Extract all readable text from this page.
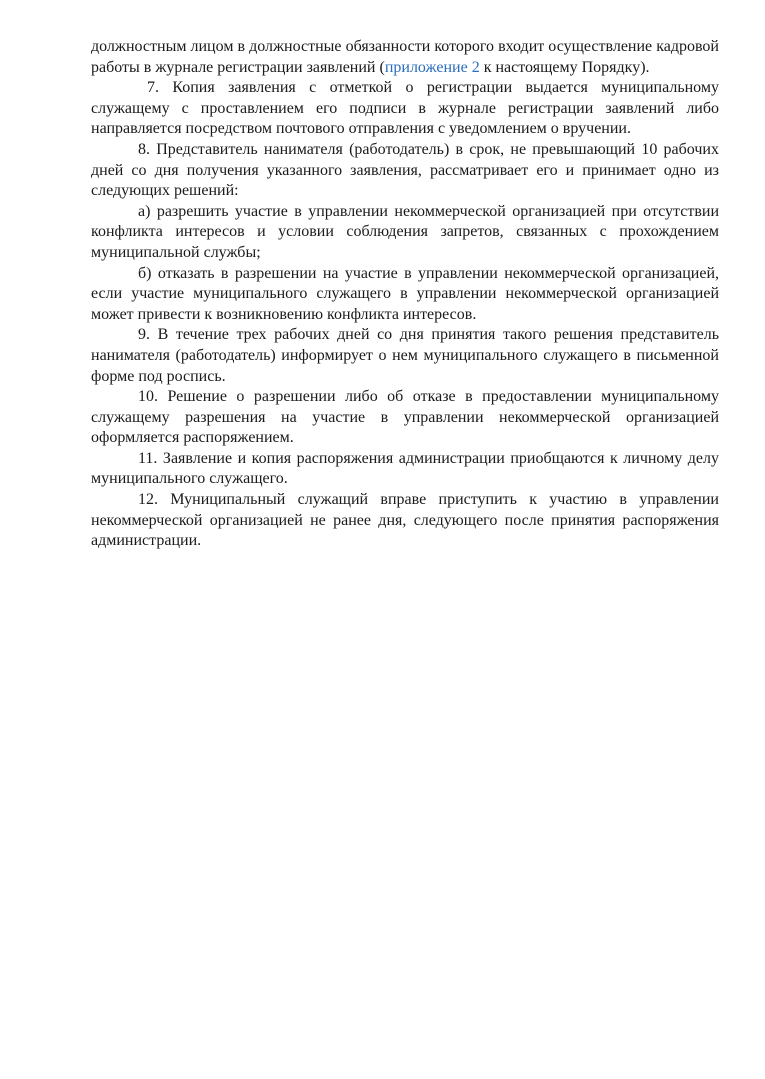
должностным лицом в должностные обязанности которого входит осуществление кадровой работы в журнале регистрации заявлений (приложение 2 к настоящему Порядку).

7. Копия заявления с отметкой о регистрации выдается муниципальному служащему с проставлением его подписи в журнале регистрации заявлений либо направляется посредством почтового отправления с уведомлением о вручении.

8. Представитель нанимателя (работодатель) в срок, не превышающий 10 рабочих дней со дня получения указанного заявления, рассматривает его и принимает одно из следующих решений:

а) разрешить участие в управлении некоммерческой организацией при отсутствии конфликта интересов и условии соблюдения запретов, связанных с прохождением муниципальной службы;

б) отказать в разрешении на участие в управлении некоммерческой организацией, если участие муниципального служащего в управлении некоммерческой организацией может привести к возникновению конфликта интересов.

9. В течение трех рабочих дней со дня принятия такого решения представитель нанимателя (работодатель) информирует о нем муниципального служащего в письменной форме под роспись.

10. Решение о разрешении либо об отказе в предоставлении муниципальному служащему разрешения на участие в управлении некоммерческой организацией оформляется распоряжением.

11. Заявление и копия распоряжения администрации приобщаются к личному делу муниципального служащего.

12. Муниципальный служащий вправе приступить к участию в управлении некоммерческой организацией не ранее дня, следующего после принятия распоряжения администрации.
